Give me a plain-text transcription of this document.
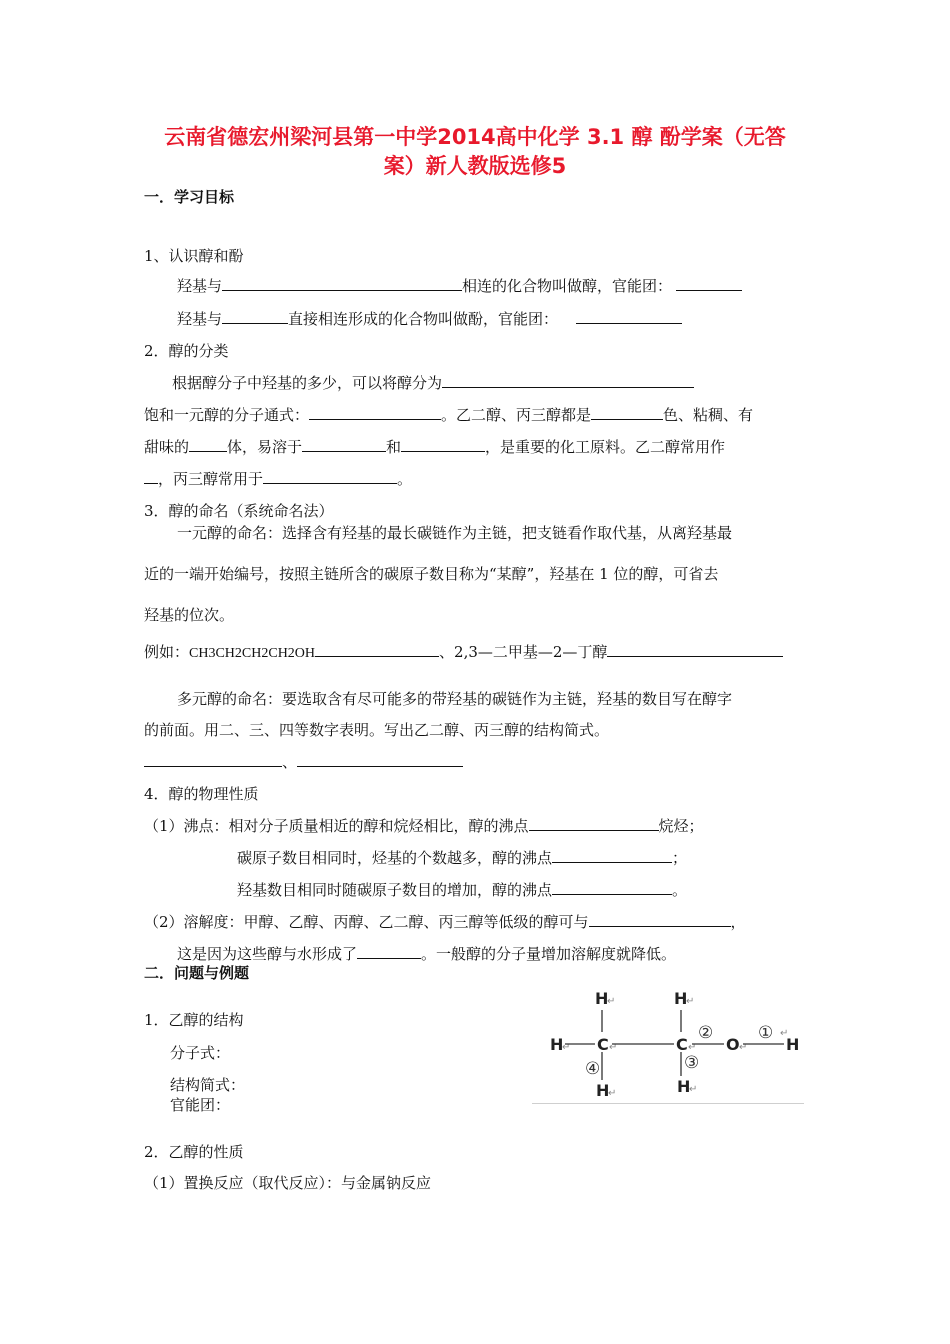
云南省德宏州梁河县第一中学2014高中化学 3.1 醇 酚学案（无答
案）新人教版选修5
一．学习目标
1、认识醇和酚
羟基与	相连的化合物叫做醇，官能团：
羟基与	直接相连形成的化合物叫做酚，官能团：
2．醇的分类
根据醇分子中羟基的多少，可以将醇分为
饱和一元醇的分子通式：	。乙二醇、丙三醇都是	色、粘稠、有
甜味的	体，易溶于	和	，是重要的化工原料。乙二醇常用作
，丙三醇常用于	。
3．醇的命名（系统命名法）
一元醇的命名：选择含有羟基的最长碳链作为主链，把支链看作取代基，从离羟基最
近的一端开始编号，按照主链所含的碳原子数目称为“某醇”，羟基在 1 位的醇，可省去
羟基的位次。
例如：CH3CH2CH2CH2OH	、2,3—二甲基—2—丁醇
多元醇的命名：要选取含有尽可能多的带羟基的碳链作为主链，羟基的数目写在醇字
的前面。用二、三、四等数字表明。写出乙二醇、丙三醇的结构简式。
、
4．醇的物理性质
（1）沸点：相对分子质量相近的醇和烷烃相比，醇的沸点	烷烃；
碳原子数目相同时，烃基的个数越多，醇的沸点	；
羟基数目相同时随碳原子数目的增加，醇的沸点	。
（2）溶解度：甲醇、乙醇、丙醇、乙二醇、丙三醇等低级的醇可与	，
这是因为这些醇与水形成了	。一般醇的分子量增加溶解度就降低。
二．问题与例题
1．乙醇的结构
分子式：
结构简式：
官能团：
2．乙醇的性质
（1）置换反应（取代反应）：与金属钠反应
H	H
H C	C O	H
H	H
↵	↵
↵	↵	↵	↵
↵	↵
↵
①
②
③
④
